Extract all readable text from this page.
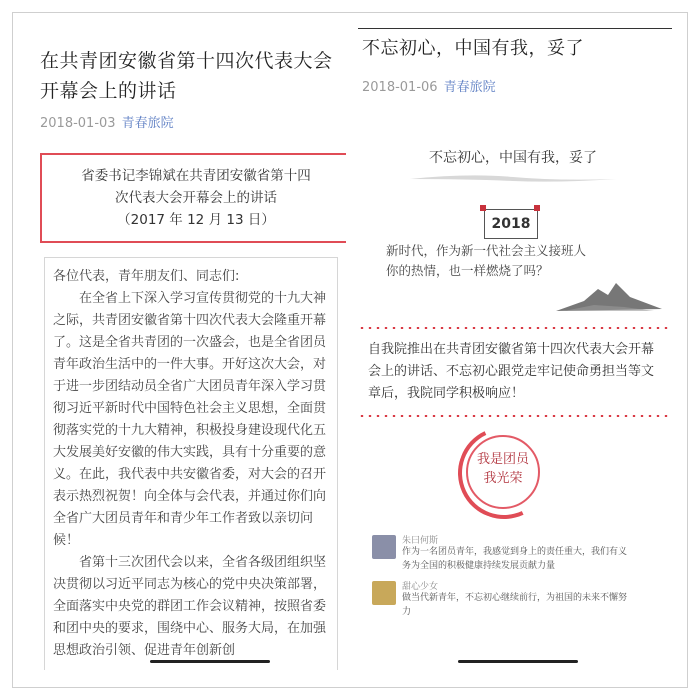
在共青团安徽省第十四次代表大会开幕会上的讲话
2018-01-03 青春旅院
省委书记李锦斌在共青团安徽省第十四
次代表大会开幕会上的讲话
（2017 年 12 月 13 日）

各位代表，青年朋友们、同志们:

在全省上下深入学习宣传贯彻党的十九大神之际，共青团安徽省第十四次代表大会隆重开幕了。这是全省共青团的一次盛会，也是全省团员青年政治生活中的一件大事。开好这次大会，对于进一步团结动员全省广大团员青年深入学习贯彻习近平新时代中国特色社会主义思想，全面贯彻落实党的十九大精神，积极投身建设现代化五大发展美好安徽的伟大实践，具有十分重要的意义。在此，我代表中共安徽省委，对大会的召开表示热烈祝贺！向全体与会代表，并通过你们向全省广大团员青年和青少年工作者致以亲切问候！

省第十三次团代会以来，全省各级团组织坚决贯彻以习近平同志为核心的党中央决策部署，全面落实中央党的群团工作会议精神，按照省委和团中央的要求，围绕中心、服务大局，在加强思想政治引领、促进青年创新创

不忘初心，中国有我，妥了
2018-01-06 青春旅院
不忘初心，中国有我，妥了
2018
新时代，作为新一代社会主义接班人
你的热情，也一样燃烧了吗？
自我院推出在共青团安徽省第十四次代表大会开幕会上的讲话、不忘初心跟党走牢记使命勇担当等文章后，我院同学积极响应！
我是团员
我光荣
朱曰何斯
作为一名团员青年，我感觉到身上的责任重大，我们有义务为全国的积极健康持续发展贡献力量
甜心少女
做当代新青年，不忘初心继续前行，为祖国的未来不懈努力
